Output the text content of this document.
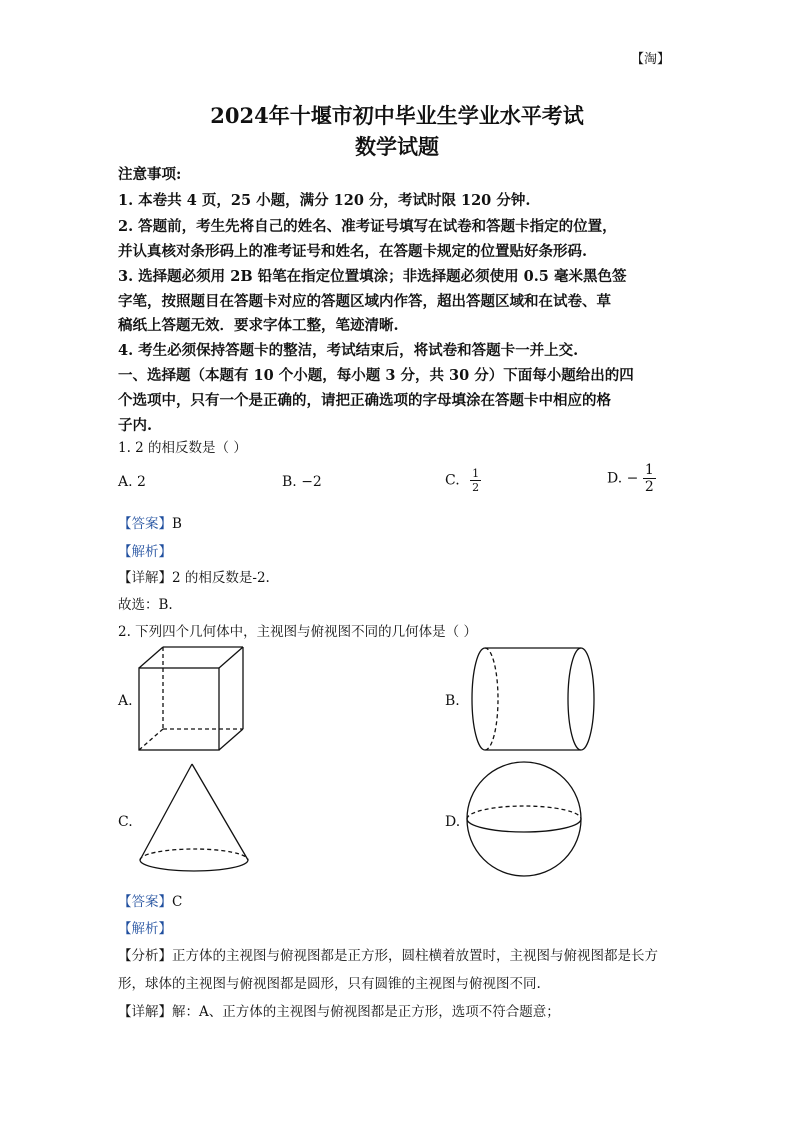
【淘】
2024年十堰市初中毕业生学业水平考试
数学试题
注意事项:
1. 本卷共 4 页，25 小题，满分 120 分，考试时限 120 分钟.
2. 答题前，考生先将自己的姓名、准考证号填写在试卷和答题卡指定的位置，
并认真核对条形码上的准考证号和姓名，在答题卡规定的位置贴好条形码.
3. 选择题必须用 2B 铅笔在指定位置填涂；非选择题必须使用 0.5 毫米黑色签
字笔，按照题目在答题卡对应的答题区域内作答，超出答题区域和在试卷、草
稿纸上答题无效．要求字体工整，笔迹清晰.
4. 考生必须保持答题卡的整洁，考试结束后，将试卷和答题卡一并上交.
一、选择题（本题有 10 个小题，每小题 3 分，共 30 分）下面每小题给出的四
个选项中，只有一个是正确的，请把正确选项的字母填涂在答题卡中相应的格
子内.
1. 2 的相反数是（ ）
A. 2	B. −2	C. $\frac{1}{2}$	D. − $\frac{1}{2}$
【答案】B
【解析】
【详解】2 的相反数是-2.
故选：B.
2. 下列四个几何体中，主视图与俯视图不同的几何体是（ ）
A.	B.
C.	D.
【答案】C
【解析】
【分析】正方体的主视图与俯视图都是正方形，圆柱横着放置时，主视图与俯视图都是长方
形，球体的主视图与俯视图都是圆形，只有圆锥的主视图与俯视图不同.
【详解】解：A、正方体的主视图与俯视图都是正方形，选项不符合题意；
